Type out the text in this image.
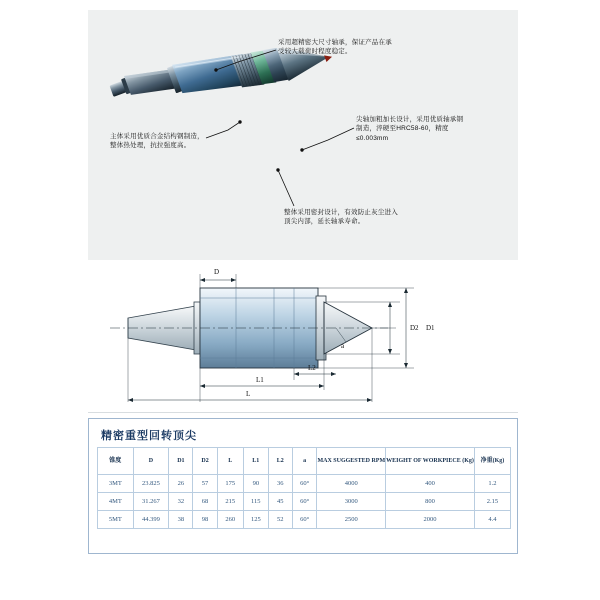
采用超精密大尺寸轴承，保证产品在承受较大载荷时程度稳定。
尖轴加粗加长设计，采用优质轴承钢制造，淬硬至HRC58-60，精度≤0.003mm
主体采用优质合金结构钢制造，整体热处理，抗拉强度高。
整体采用密封设计，有效防止灰尘进入顶尖内部，延长轴承寿命。
D
D2 D1
a
L2
L1
L
精密重型回转顶尖
锥度	D	D1	D2	L	L1	L2	a	MAX SUGGESTED RPM	WEIGHT OF WORKPIECE (Kg)	净重(Kg)
3MT	23.825	26	57	175	90	36	60°	4000	400	1.2
4MT	31.267	32	68	215	115	45	60°	3000	800	2.15
5MT	44.399	38	98	260	125	52	60°	2500	2000	4.4
